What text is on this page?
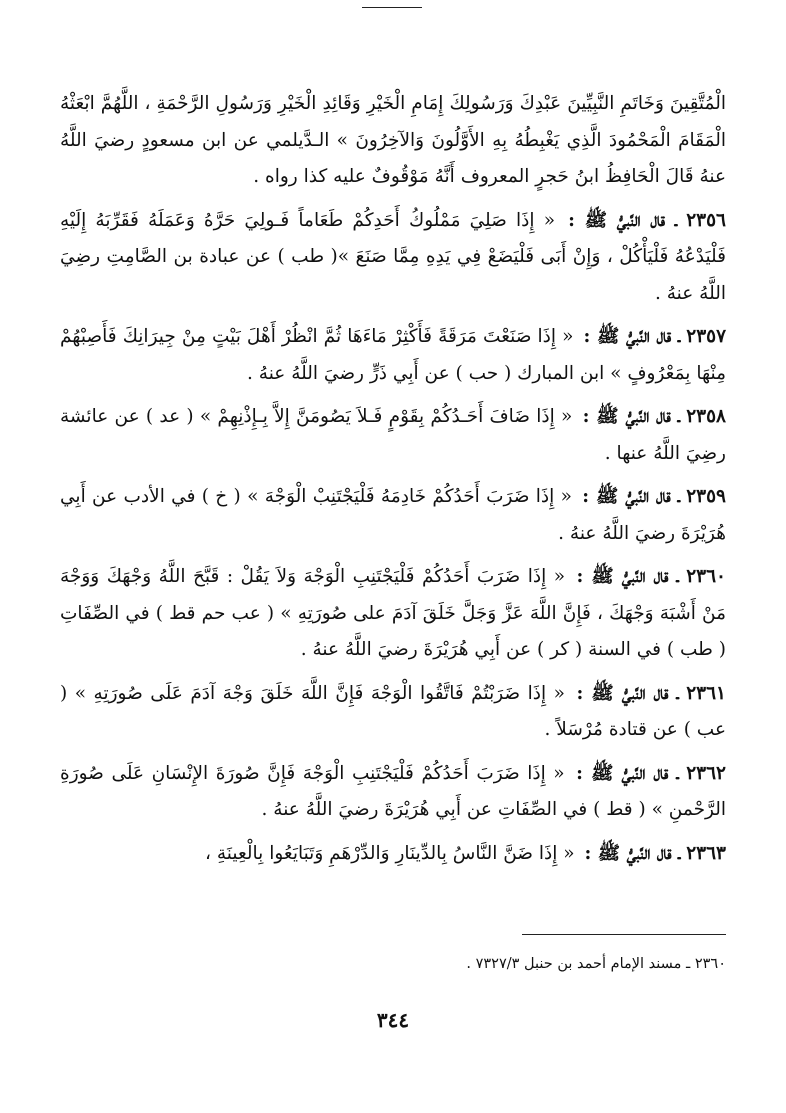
الْمُتَّقِينَ وَخَاتَمِ النَّبِيِّينَ عَبْدِكَ وَرَسُولِكَ إِمَامِ الْخَيْرِ وَقَائِدِ الْخَيْرِ وَرَسُولِ الرَّحْمَةِ ، اللَّهُمَّ ابْعَثْهُ الْمَقَامَ الْمَحْمُودَ الَّذِي يَغْبِطُهُ بِهِ الأَوَّلُونَ وَالآخِرُونَ » الـدَّيلمي عن ابن مسعودٍ رضيَ اللَّهُ عنهُ قَالَ الْحَافِظُ ابنُ حَجرٍ المعروف أَنَّهُ مَوْقُوفٌ عليه كذا رواه .

٢٣٥٦ ـ قال النَّبيُّ ﷺ : « إِذَا صَلِيَ مَمْلُوكُ أَحَدِكُمْ طَعَاماً فَـولِيَ حَرَّهُ وَعَمَلَهُ فَقَرِّبَهُ إِلَيْهِ فَلْيَدْعُهُ فَلْيَأْكُلْ ، وَإِنْ أَبَى فَلْيَضَعْ فِي يَدِهِ مِمَّا صَنَعَ »( طب ) عن عبادة بن الصَّامِتِ رضِيَ اللَّهُ عنهُ .

٢٣٥٧ ـ قال النَّبيُّ ﷺ : « إِذَا صَنَعْتَ مَرَقَةً فَأَكْثِرْ مَاءَهَا ثُمَّ انْظُرْ أَهْلَ بَيْتٍ مِنْ جِيرَانِكَ فَأَصِبْهُمْ مِنْهَا بِمَعْرُوفٍ » ابن المبارك ( حب ) عن أَبِي ذَرٍّ رضيَ اللَّهُ عنهُ .

٢٣٥٨ ـ قال النَّبيُّ ﷺ : « إِذَا ضَافَ أَحَـدُكُمْ بِقَوْمٍ فَـلاَ يَصُومَنَّ إِلاَّ بِـإِذْنِهِمْ » ( عد ) عن عائشة رضِيَ اللَّهُ عنها .

٢٣٥٩ ـ قال النَّبيُّ ﷺ : « إِذَا ضَرَبَ أَحَدُكُمْ خَادِمَهُ فَلْيَجْتَنِبْ الْوَجْهَ » ( خ ) في الأدب عن أَبِي هُرَيْرَةَ رضيَ اللَّهُ عنهُ .

٢٣٦٠ ـ قال النَّبيُّ ﷺ : « إِذَا ضَرَبَ أَحَدُكُمْ فَلْيَجْتَنِبِ الْوَجْهَ وَلاَ يَقُلْ : قَبَّحَ اللَّهُ وَجْهَكَ وَوَجْهَ مَنْ أَشْبَهَ وَجْهَكَ ، فَإِنَّ اللَّهَ عَزَّ وَجَلَّ خَلَقَ آدَمَ على صُورَتِهِ » ( عب حم قط ) في الصِّفَاتِ ( طب ) في السنة ( كر ) عن أَبِي هُرَيْرَةَ رضيَ اللَّهُ عنهُ .

٢٣٦١ ـ قال النَّبيُّ ﷺ : « إِذَا ضَرَبْتُمْ فَاتَّقُوا الْوَجْهَ فَإِنَّ اللَّهَ خَلَقَ وَجْهَ آدَمَ عَلَى صُورَتِهِ » ( عب ) عن قتادة مُرْسَلاً .

٢٣٦٢ ـ قال النَّبيُّ ﷺ : « إِذَا ضَرَبَ أَحَدُكُمْ فَلْيَجْتَنِبِ الْوَجْهَ فَإِنَّ صُورَةَ الإِنْسَانِ عَلَى صُورَةِ الرَّحْمنِ » ( قط ) في الصِّفَاتِ عن أَبِي هُرَيْرَةَ رضيَ اللَّهُ عنهُ .

٢٣٦٣ ـ قال النَّبيُّ ﷺ : « إِذَا ضَنَّ النَّاسُ بِالدِّينَارِ وَالدِّرْهَمِ وَتَبَايَعُوا بِالْعِينَةِ ،

٢٣٦٠ ـ مسند الإمام أحمد بن حنبل ٧٣٢٧/٣ .
٣٤٤
